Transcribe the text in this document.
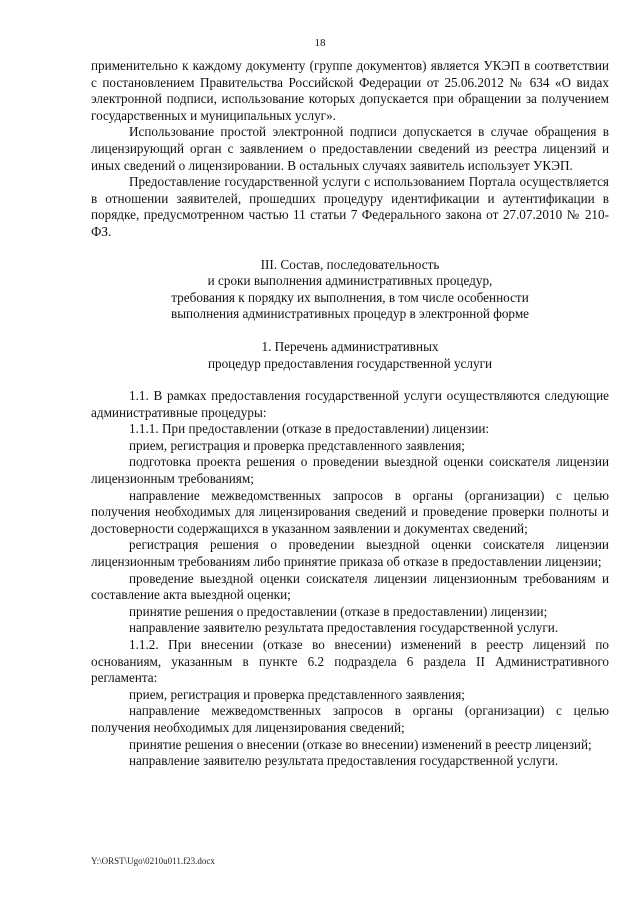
18

применительно к каждому документу (группе документов) является УКЭП в соответствии с постановлением Правительства Российской Федерации от 25.06.2012 № 634 «О видах электронной подписи, использование которых допускается при обращении за получением государственных и муниципальных услуг».

Использование простой электронной подписи допускается в случае обращения в лицензирующий орган с заявлением о предоставлении сведений из реестра лицензий и иных сведений о лицензировании. В остальных случаях заявитель использует УКЭП.

Предоставление государственной услуги с использованием Портала осуществляется в отношении заявителей, прошедших процедуру идентификации и аутентификации в порядке, предусмотренном частью 11 статьи 7 Федерального закона от 27.07.2010 № 210-ФЗ.

III. Состав, последовательность

и сроки выполнения административных процедур,

требования к порядку их выполнения, в том числе особенности

выполнения административных процедур в электронной форме

1. Перечень административных

процедур предоставления государственной услуги

1.1. В рамках предоставления государственной услуги осуществляются следующие административные процедуры:

1.1.1. При предоставлении (отказе в предоставлении) лицензии:

прием, регистрация и проверка представленного заявления;

подготовка проекта решения о проведении выездной оценки соискателя лицензии лицензионным требованиям;

направление межведомственных запросов в органы (организации) с целью получения необходимых для лицензирования сведений и проведение проверки полноты и достоверности содержащихся в указанном заявлении и документах сведений;

регистрация решения о проведении выездной оценки соискателя лицензии лицензионным требованиям либо принятие приказа об отказе в предоставлении лицензии;

проведение выездной оценки соискателя лицензии лицензионным требованиям и составление акта выездной оценки;

принятие решения о предоставлении (отказе в предоставлении) лицензии;

направление заявителю результата предоставления государственной услуги.

1.1.2. При внесении (отказе во внесении) изменений в реестр лицензий по основаниям, указанным в пункте 6.2 подраздела 6 раздела II Административного регламента:

прием, регистрация и проверка представленного заявления;

направление межведомственных запросов в органы (организации) с целью получения необходимых для лицензирования сведений;

принятие решения о внесении (отказе во внесении) изменений в реестр лицензий;

направление заявителю результата предоставления государственной услуги.

Y:\ORST\Ugo\0210u011.f23.docx
